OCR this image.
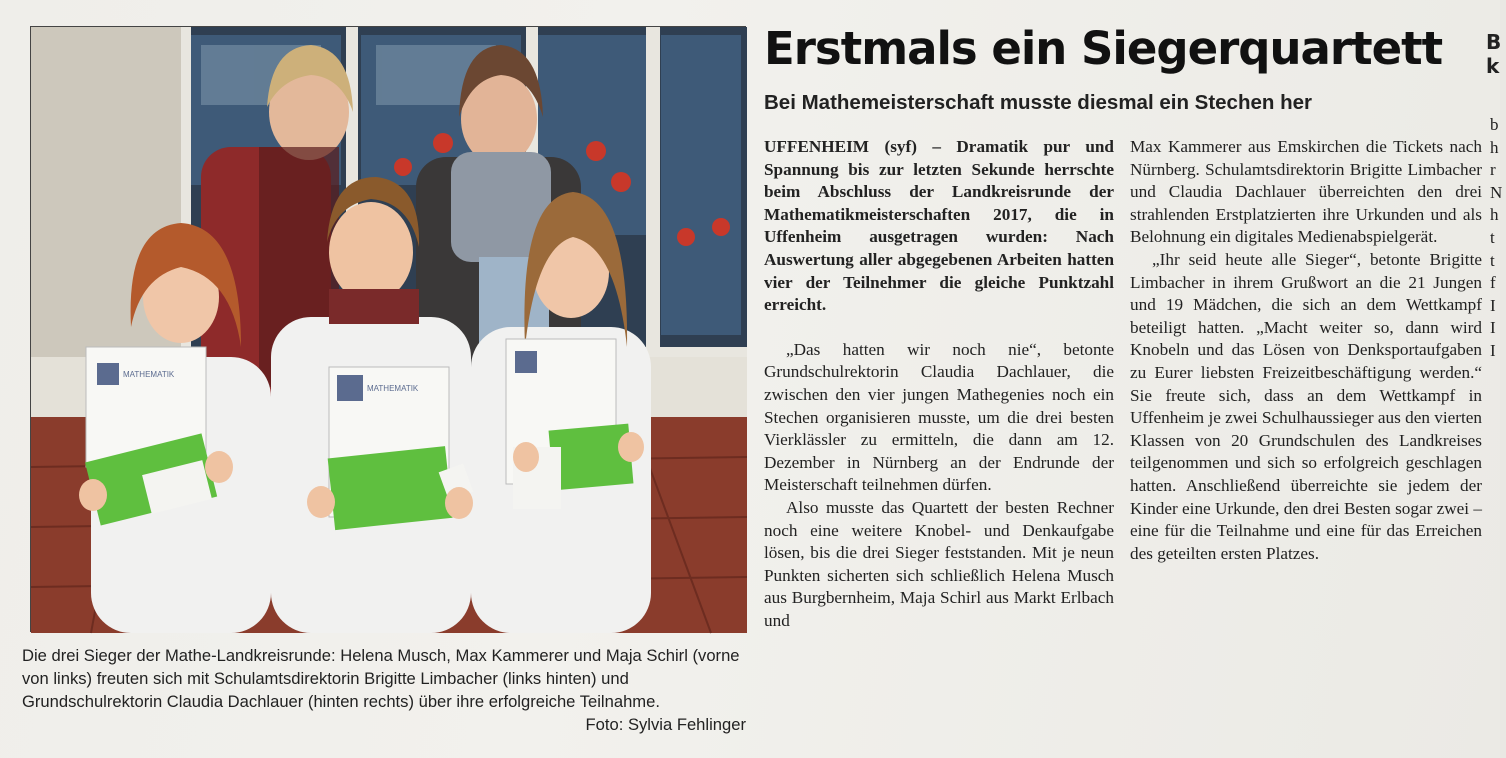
MATHEMATIK
MATHEMATIK
Die drei Sieger der Mathe-Landkreisrunde: Helena Musch, Max Kammerer und Maja Schirl (vorne von links) freuten sich mit Schulamtsdirektorin Brigitte Limbacher (links hinten) und Grundschulrektorin Claudia Dachlauer (hinten rechts) über ihre erfolgreiche Teilnahme.
Foto: Sylvia Fehlinger
Erstmals ein Siegerquartett
Bei Mathemeisterschaft musste diesmal ein Stechen her

UFFENHEIM (syf) – Dramatik pur und Spannung bis zur letzten Sekunde herrschte beim Abschluss der Landkreisrunde der Mathematikmeisterschaften 2017, die in Uffenheim ausgetragen wurden: Nach Auswertung aller abgegebenen Arbeiten hatten vier der Teilnehmer die gleiche Punktzahl erreicht.

„Das hatten wir noch nie“, betonte Grundschulrektorin Claudia Dachlauer, die zwischen den vier jungen Mathegenies noch ein Stechen organisieren musste, um die drei besten Vierklässler zu ermitteln, die dann am 12. Dezember in Nürnberg an der Endrunde der Meisterschaft teilnehmen dürfen.

Also musste das Quartett der besten Rechner noch eine weitere Knobel- und Denkaufgabe lösen, bis die drei Sieger feststanden. Mit je neun Punkten sicherten sich schließlich Helena Musch aus Burgbernheim, Maja Schirl aus Markt Erlbach und

Max Kammerer aus Emskirchen die Tickets nach Nürnberg. Schulamtsdirektorin Brigitte Limbacher und Claudia Dachlauer überreichten den drei strahlenden Erstplatzierten ihre Urkunden und als Belohnung ein digitales Medienabspielgerät.

„Ihr seid heute alle Sieger“, betonte Brigitte Limbacher in ihrem Grußwort an die 21 Jungen und 19 Mädchen, die sich an dem Wettkampf beteiligt hatten. „Macht weiter so, dann wird Knobeln und das Lösen von Denksportaufgaben zu Eurer liebsten Freizeitbeschäftigung werden.“ Sie freute sich, dass an dem Wettkampf in Uffenheim je zwei Schulhaussieger aus den vierten Klassen von 20 Grundschulen des Landkreises teilgenommen und sich so erfolgreich geschlagen hatten. Anschließend überreichte sie jedem der Kinder eine Urkunde, den drei Besten sogar zwei – eine für die Teilnahme und eine für das Erreichen des geteilten ersten Platzes.

B k
b h r N h t t f I I I
